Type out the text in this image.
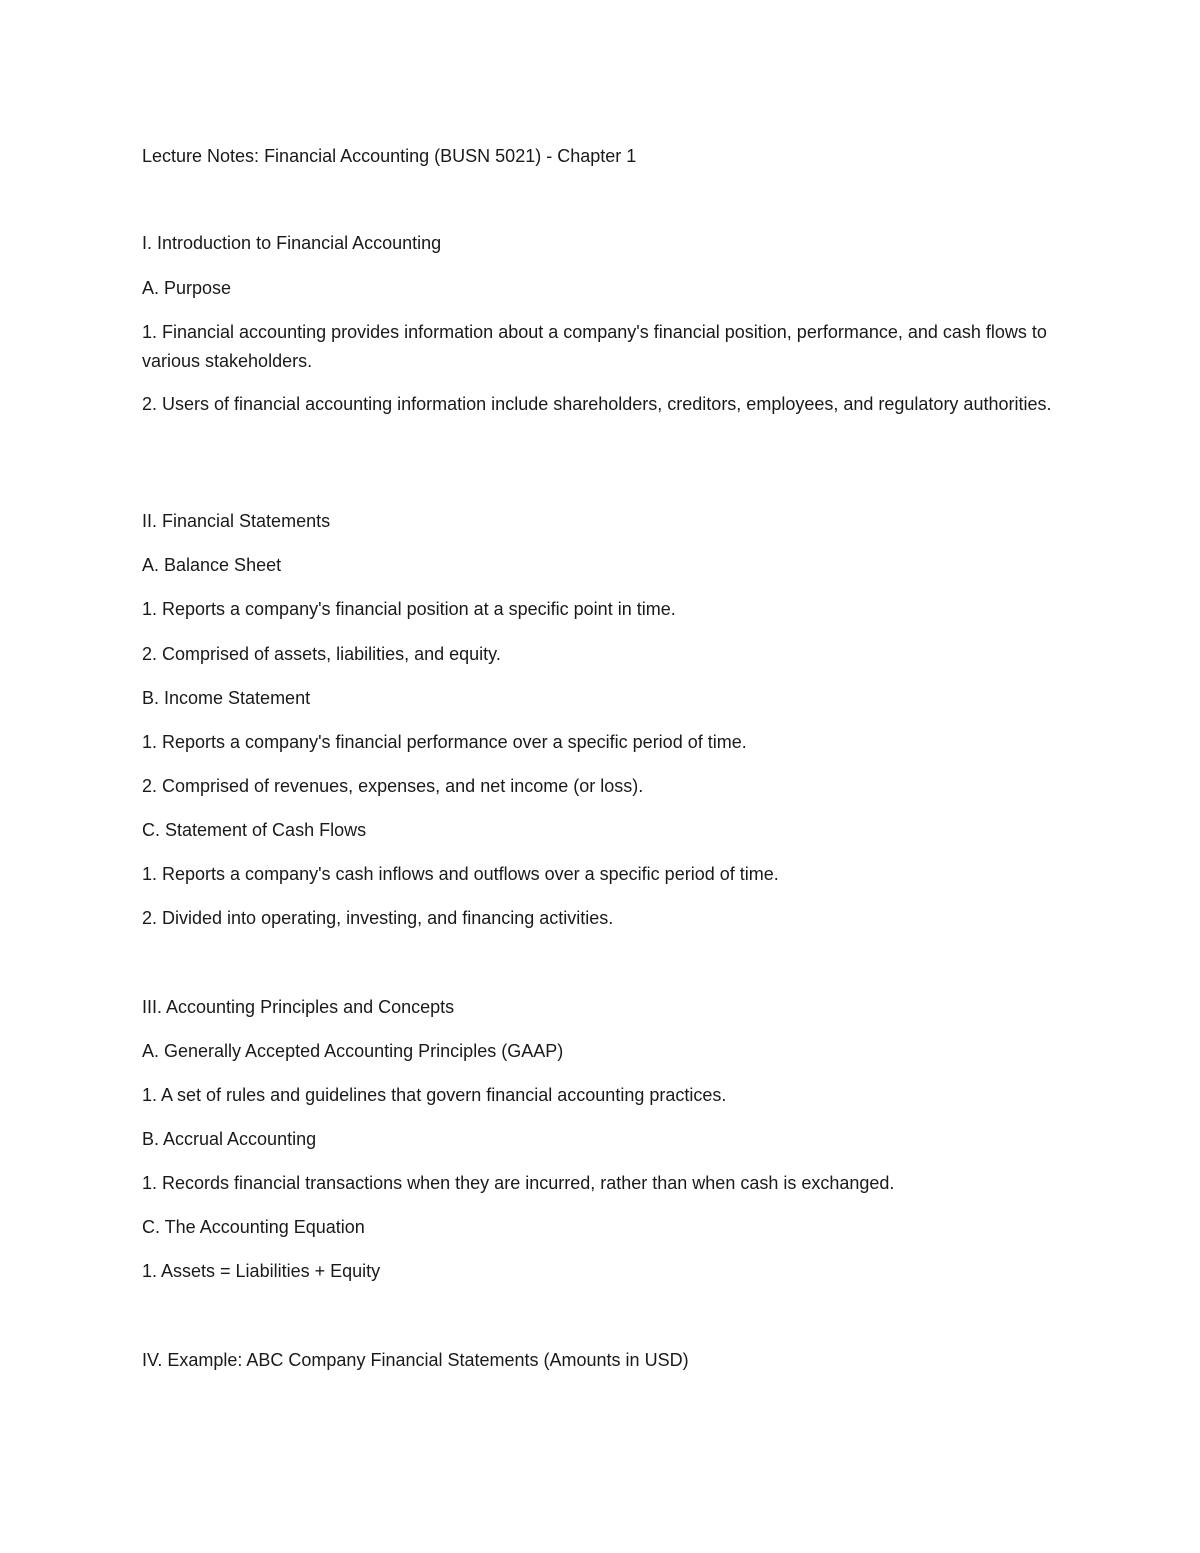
Lecture Notes: Financial Accounting (BUSN 5021) - Chapter 1

I. Introduction to Financial Accounting

A. Purpose

1. Financial accounting provides information about a company's financial position, performance, and cash flows to various stakeholders.

2. Users of financial accounting information include shareholders, creditors, employees, and regulatory authorities.

II. Financial Statements

A. Balance Sheet

1. Reports a company's financial position at a specific point in time.

2. Comprised of assets, liabilities, and equity.

B. Income Statement

1. Reports a company's financial performance over a specific period of time.

2. Comprised of revenues, expenses, and net income (or loss).

C. Statement of Cash Flows

1. Reports a company's cash inflows and outflows over a specific period of time.

2. Divided into operating, investing, and financing activities.

III. Accounting Principles and Concepts

A. Generally Accepted Accounting Principles (GAAP)

1. A set of rules and guidelines that govern financial accounting practices.

B. Accrual Accounting

1. Records financial transactions when they are incurred, rather than when cash is exchanged.

C. The Accounting Equation

1. Assets = Liabilities + Equity

IV. Example: ABC Company Financial Statements (Amounts in USD)
